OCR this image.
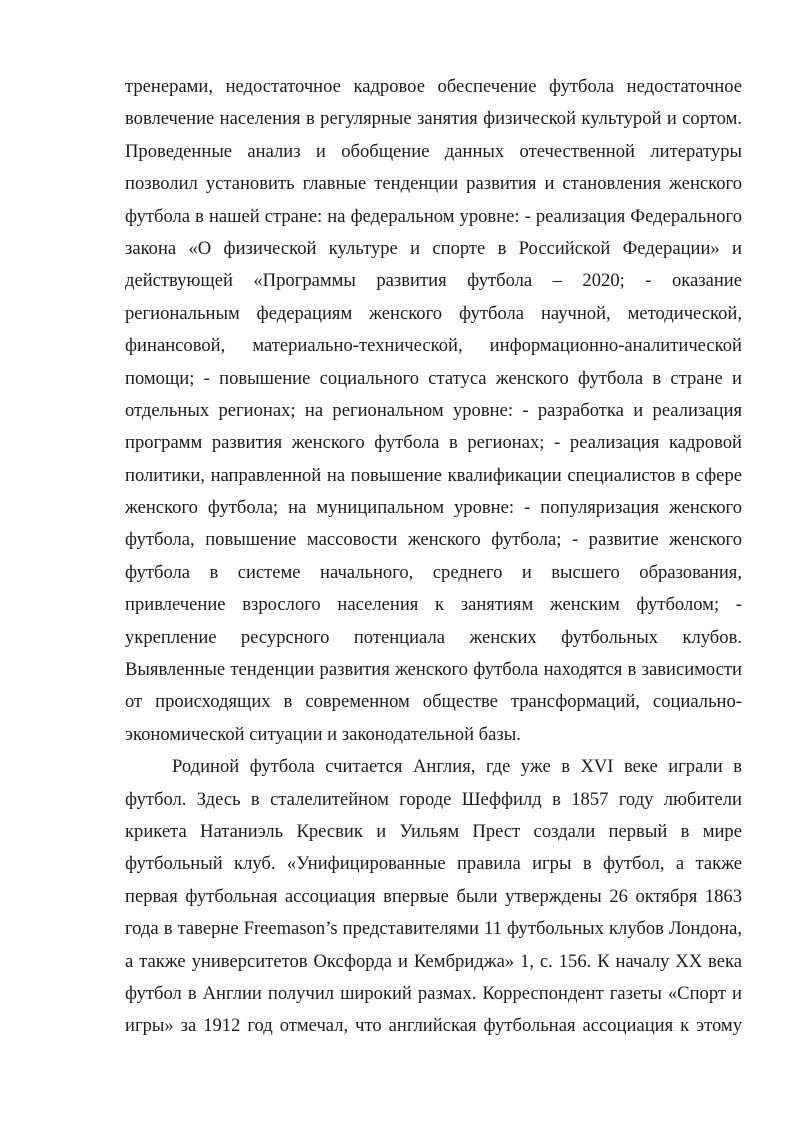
тренерами, недостаточное кадровое обеспечение футбола недостаточное
вовлечение населения в регулярные занятия физической культурой и сортом.
Проведенные анализ и обобщение данных отечественной литературы
позволил установить главные тенденции развития и становления женского
футбола в нашей стране: на федеральном уровне: ‑ реализация Федерального
закона «О физической культуре и спорте в Российской Федерации» и
действующей «Программы развития футбола – 2020; ‑ оказание
региональным федерациям женского футбола научной, методической,
финансовой, материально-технической, информационно-аналитической
помощи; ‑ повышение социального статуса женского футбола в стране и
отдельных регионах; на региональном уровне: ‑ разработка и реализация
программ развития женского футбола в регионах; ‑ реализация кадровой
политики, направленной на повышение квалификации специалистов в сфере
женского футбола; на муниципальном уровне: ‑ популяризация женского
футбола, повышение массовости женского футбола; ‑ развитие женского
футбола в системе начального, среднего и высшего образования,
привлечение взрослого населения к занятиям женским футболом; ‑
укрепление ресурсного потенциала женских футбольных клубов.
Выявленные тенденции развития женского футбола находятся в зависимости
от происходящих в современном обществе трансформаций, социально-
экономической ситуации и законодательной базы.
Родиной футбола считается Англия, где уже в XVI веке играли в
футбол. Здесь в сталелитейном городе Шеффилд в 1857 году любители
крикета Натаниэль Кресвик и Уильям Прест создали первый в мире
футбольный клуб. «Унифицированные правила игры в футбол, а также
первая футбольная ассоциация впервые были утверждены 26 октября 1863
года в таверне Freemason’s представителями 11 футбольных клубов Лондона,
а также университетов Оксфорда и Кембриджа» 1, с. 156. К началу XX века
футбол в Англии получил широкий размах. Корреспондент газеты «Спорт и
игры» за 1912 год отмечал, что английская футбольная ассоциация к этому
